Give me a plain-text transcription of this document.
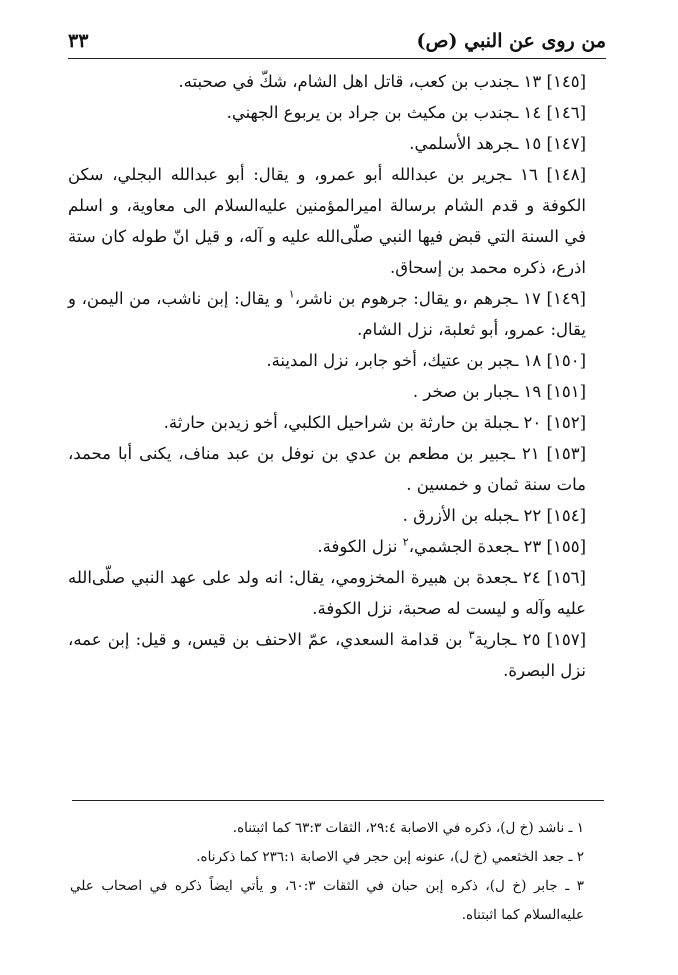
من روى عن النبي (ص)
٣٣

[١٤٥] ١٣ ـجندب بن كعب، قاتل اهل الشام، شكّ في صحبته.

[١٤٦] ١٤ ـجندب بن مكيث بن جراد بن يربوع الجهني.

[١٤٧] ١٥ ـجرهد الأسلمي.

[١٤٨] ١٦ ـجرير بن عبدالله أبو عمرو، و يقال: أبو عبدالله البجلي، سكن الكوفة و قدم الشام برسالة اميرالمؤمنين عليه‌السلام الى معاوية، و اسلم في السنة التي قبض فيها النبي صلّى‌الله عليه و آله، و قيل انّ طوله كان ستة اذرع، ذكره محمد بن إسحاق.

[١٤٩] ١٧ ـجرهم ،و يقال: جرهوم بن ناشر،$^١$ و يقال: إبن ناشب، من اليمن، و يقال: عمرو، أبو ثعلبة، نزل الشام.

[١٥٠] ١٨ ـجبر بن عتيك، أخو جابر، نزل المدينة.

[١٥١] ١٩ ـجبار بن صخر .

[١٥٢] ٢٠ ـجبلة بن حارثة بن شراحيل الكلبي، أخو زيدبن حارثة.

[١٥٣] ٢١ ـجبير بن مطعم بن عدي بن نوفل بن عبد مناف، يكنى أبا محمد، مات سنة ثمان و خمسين .

[١٥٤] ٢٢ ـجبله بن الأزرق .

[١٥٥] ٢٣ ـجعدة الجشمي،$^٢$ نزل الكوفة.

[١٥٦] ٢٤ ـجعدة بن هبيرة المخزومي، يقال: انه ولد على عهد النبي صلّى‌الله عليه وآله و ليست له صحبة، نزل الكوفة.

[١٥٧] ٢٥ ـجارية$^٣$ بن قدامة السعدي، عمّ الاحنف بن قيس، و قيل: إبن عمه، نزل البصرة.

١ ـ ناشد (خ ل)، ذكره في الاصابة ٢٩:٤، الثقات ٦٣:٣ كما اثبتناه.

٢ ـ جعد الخثعمي (خ ل)، عنونه إبن حجر في الاصابة ٢٣٦:١ كما ذكرناه.

٣ ـ جابر (خ ل)، ذكره إبن حبان في الثقات ٦٠:٣، و يأتي ايضاً ذكره في اصحاب علي عليه‌السلام كما اثبتناه.
